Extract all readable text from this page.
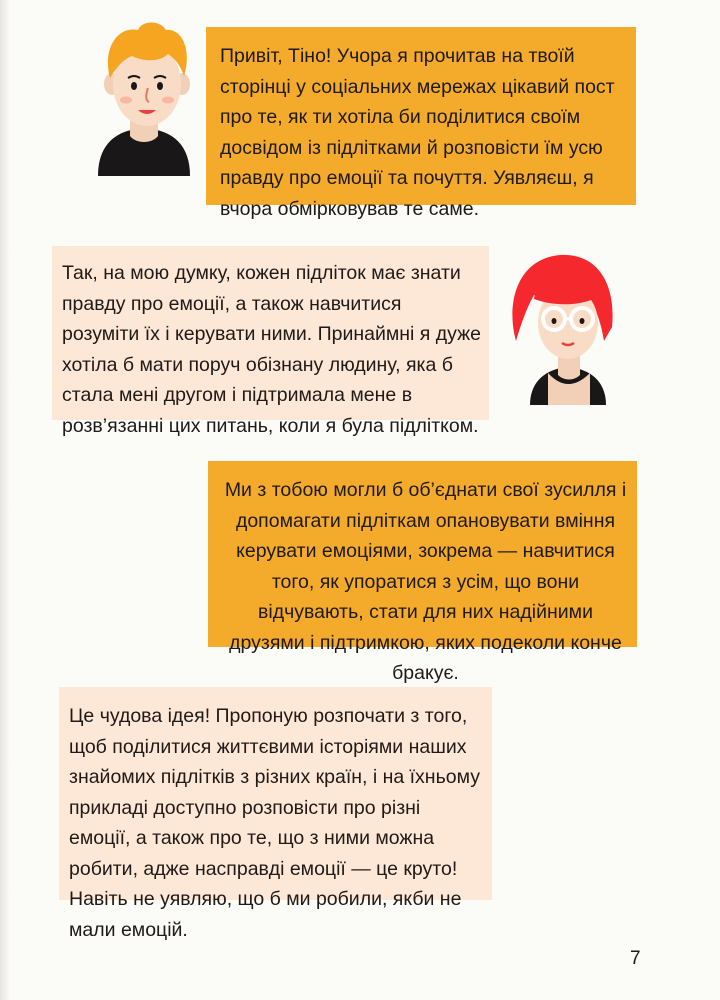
Привіт, Тіно! Учора я прочитав на твоїй сторінці у соціальних мережах цікавий пост про те, як ти хотіла би поділитися своїм досвідом із підлітками й розповісти їм усю правду про емоції та почуття. Уявляєш, я вчора обмірковував те саме.

Так, на мою думку, кожен підліток має знати правду про емоції, а також навчитися розуміти їх і керувати ними. Принаймні я дуже хотіла б мати поруч обізнану людину, яка б стала мені другом і підтримала мене в розв’язанні цих питань, коли я була підлітком.

Ми з тобою могли б об’єднати свої зусилля і допомагати підліткам опановувати вміння керувати емоціями, зокрема — навчитися того, як упоратися з усім, що вони відчувають, стати для них надійними друзями і підтримкою, яких подеколи конче бракує.

Це чудова ідея! Пропоную розпочати з того, щоб поділитися життєвими історіями наших знайомих підлітків з різних країн, і на їхньому прикладі доступно розповісти про різні емоції, а також про те, що з ними можна робити, адже насправді емоції — це круто! Навіть не уявляю, що б ми робили, якби не мали емоцій.

7
